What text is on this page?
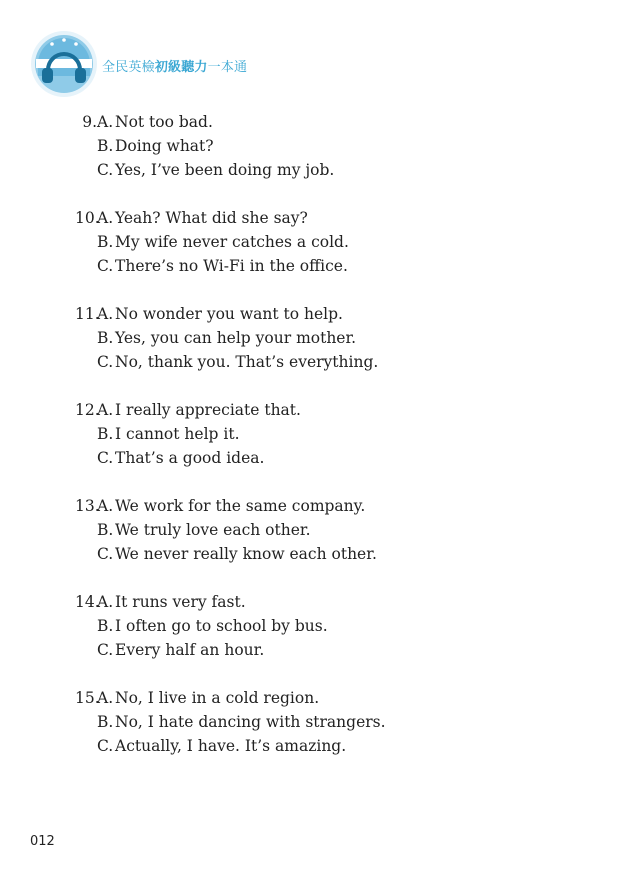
全民英檢初級聽力一本通
9. A. Not too bad.
B. Doing what?
C. Yes, I’ve been doing my job.
10.
A. Yeah? What did she say?
B. My wife never catches a cold.
C. There’s no Wi-Fi in the office.
11.
A. No wonder you want to help.
B. Yes, you can help your mother.
C. No, thank you. That’s everything.
12.
A. I really appreciate that.
B. I cannot help it.
C. That’s a good idea.
13.
A. We work for the same company.
B. We truly love each other.
C. We never really know each other.
14.
A. It runs very fast.
B. I often go to school by bus.
C. Every half an hour.
15.
A. No, I live in a cold region.
B. No, I hate dancing with strangers.
C. Actually, I have. It’s amazing.
012
